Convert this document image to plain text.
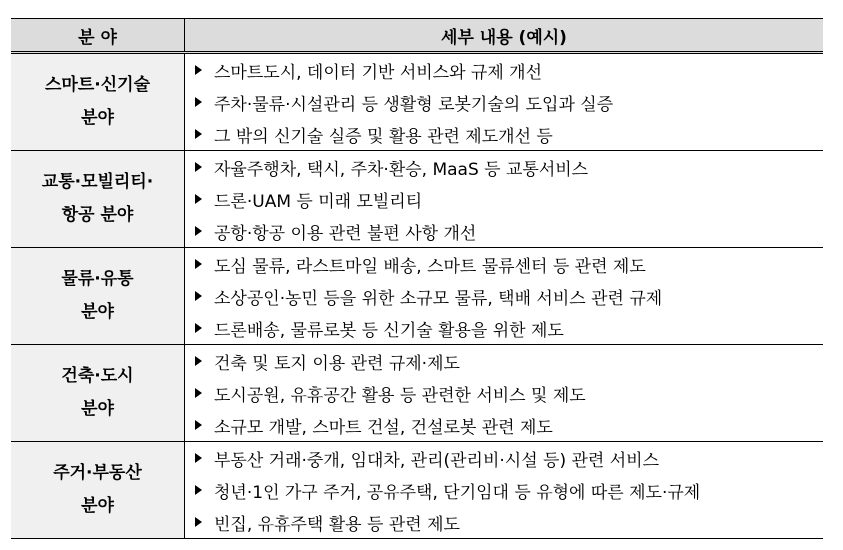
분 야	세부 내용 (예시)
스마트·신기술
분야
스마트도시, 데이터 기반 서비스와 규제 개선
주차·물류·시설관리 등 생활형 로봇기술의 도입과 실증
그 밖의 신기술 실증 및 활용 관련 제도개선 등
교통·모빌리티·
항공 분야
자율주행차, 택시, 주차·환승, MaaS 등 교통서비스
드론·UAM 등 미래 모빌리티
공항·항공 이용 관련 불편 사항 개선
물류·유통
분야
도심 물류, 라스트마일 배송, 스마트 물류센터 등 관련 제도
소상공인·농민 등을 위한 소규모 물류, 택배 서비스 관련 규제
드론배송, 물류로봇 등 신기술 활용을 위한 제도
건축·도시
분야
건축 및 토지 이용 관련 규제·제도
도시공원, 유휴공간 활용 등 관련한 서비스 및 제도
소규모 개발, 스마트 건설, 건설로봇 관련 제도
주거·부동산
분야
부동산 거래·중개, 임대차, 관리(관리비·시설 등) 관련 서비스
청년·1인 가구 주거, 공유주택, 단기임대 등 유형에 따른 제도·규제
빈집, 유휴주택 활용 등 관련 제도
